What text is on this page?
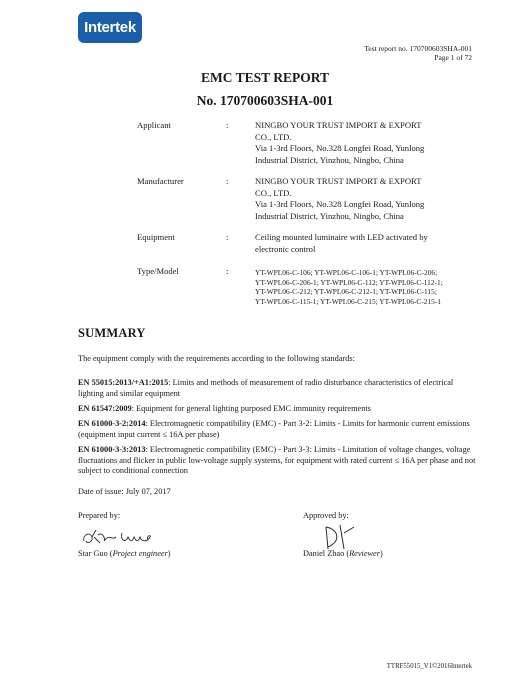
Intertek
Test report no. 170700603SHA-001
Page 1 of 72
EMC TEST REPORT
No. 170700603SHA-001
Applicant	:	NINGBO YOUR TRUST IMPORT & EXPORT
CO., LTD.
Via 1-3rd Floors, No.328 Longfei Road, Yunlong
Industrial District, Yinzhou, Ningbo, China
Manufacturer	:	NINGBO YOUR TRUST IMPORT & EXPORT
CO., LTD.
Via 1-3rd Floors, No.328 Longfei Road, Yunlong
Industrial District, Yinzhou, Ningbo, China
Equipment	:	Ceiling mounted luminaire with LED activated by
electronic control
Type/Model	:	YT-WPL06-C-106; YT-WPL06-C-106-1; YT-WPL06-C-206;
YT-WPL06-C-206-1; YT-WPL06-C-112; YT-WPL06-C-112-1;
YT-WPL06-C-212; YT-WPL06-C-212-1; YT-WPL06-C-115;
YT-WPL06-C-115-1; YT-WPL06-C-215; YT-WPL06-C-215-1
SUMMARY
The equipment comply with the requirements according to the following standards:
EN 55015:2013/+A1:2015: Limits and methods of measurement of radio disturbance characteristics of electrical lighting and similar equipment
EN 61547:2009: Equipment for general lighting purposed EMC immunity requirements
EN 61000-3-2:2014: Electromagnetic compatibility (EMC) - Part 3-2: Limits - Limits for harmonic current emissions (equipment input current ≤ 16A per phase)
EN 61000-3-3:2013: Electromagnetic compatibility (EMC) - Part 3-3: Limits - Limitation of voltage changes, voltage fluctuations and flicker in public low-voltage supply systems, for equipment with rated current ≤ 16A per phase and not subject to conditional connection
Date of issue: July 07, 2017
Prepared by:	Approved by:
Star Guo (Project engineer)	Daniel Zhao (Reviewer)
TTRF55015_V1©2016Intertek
